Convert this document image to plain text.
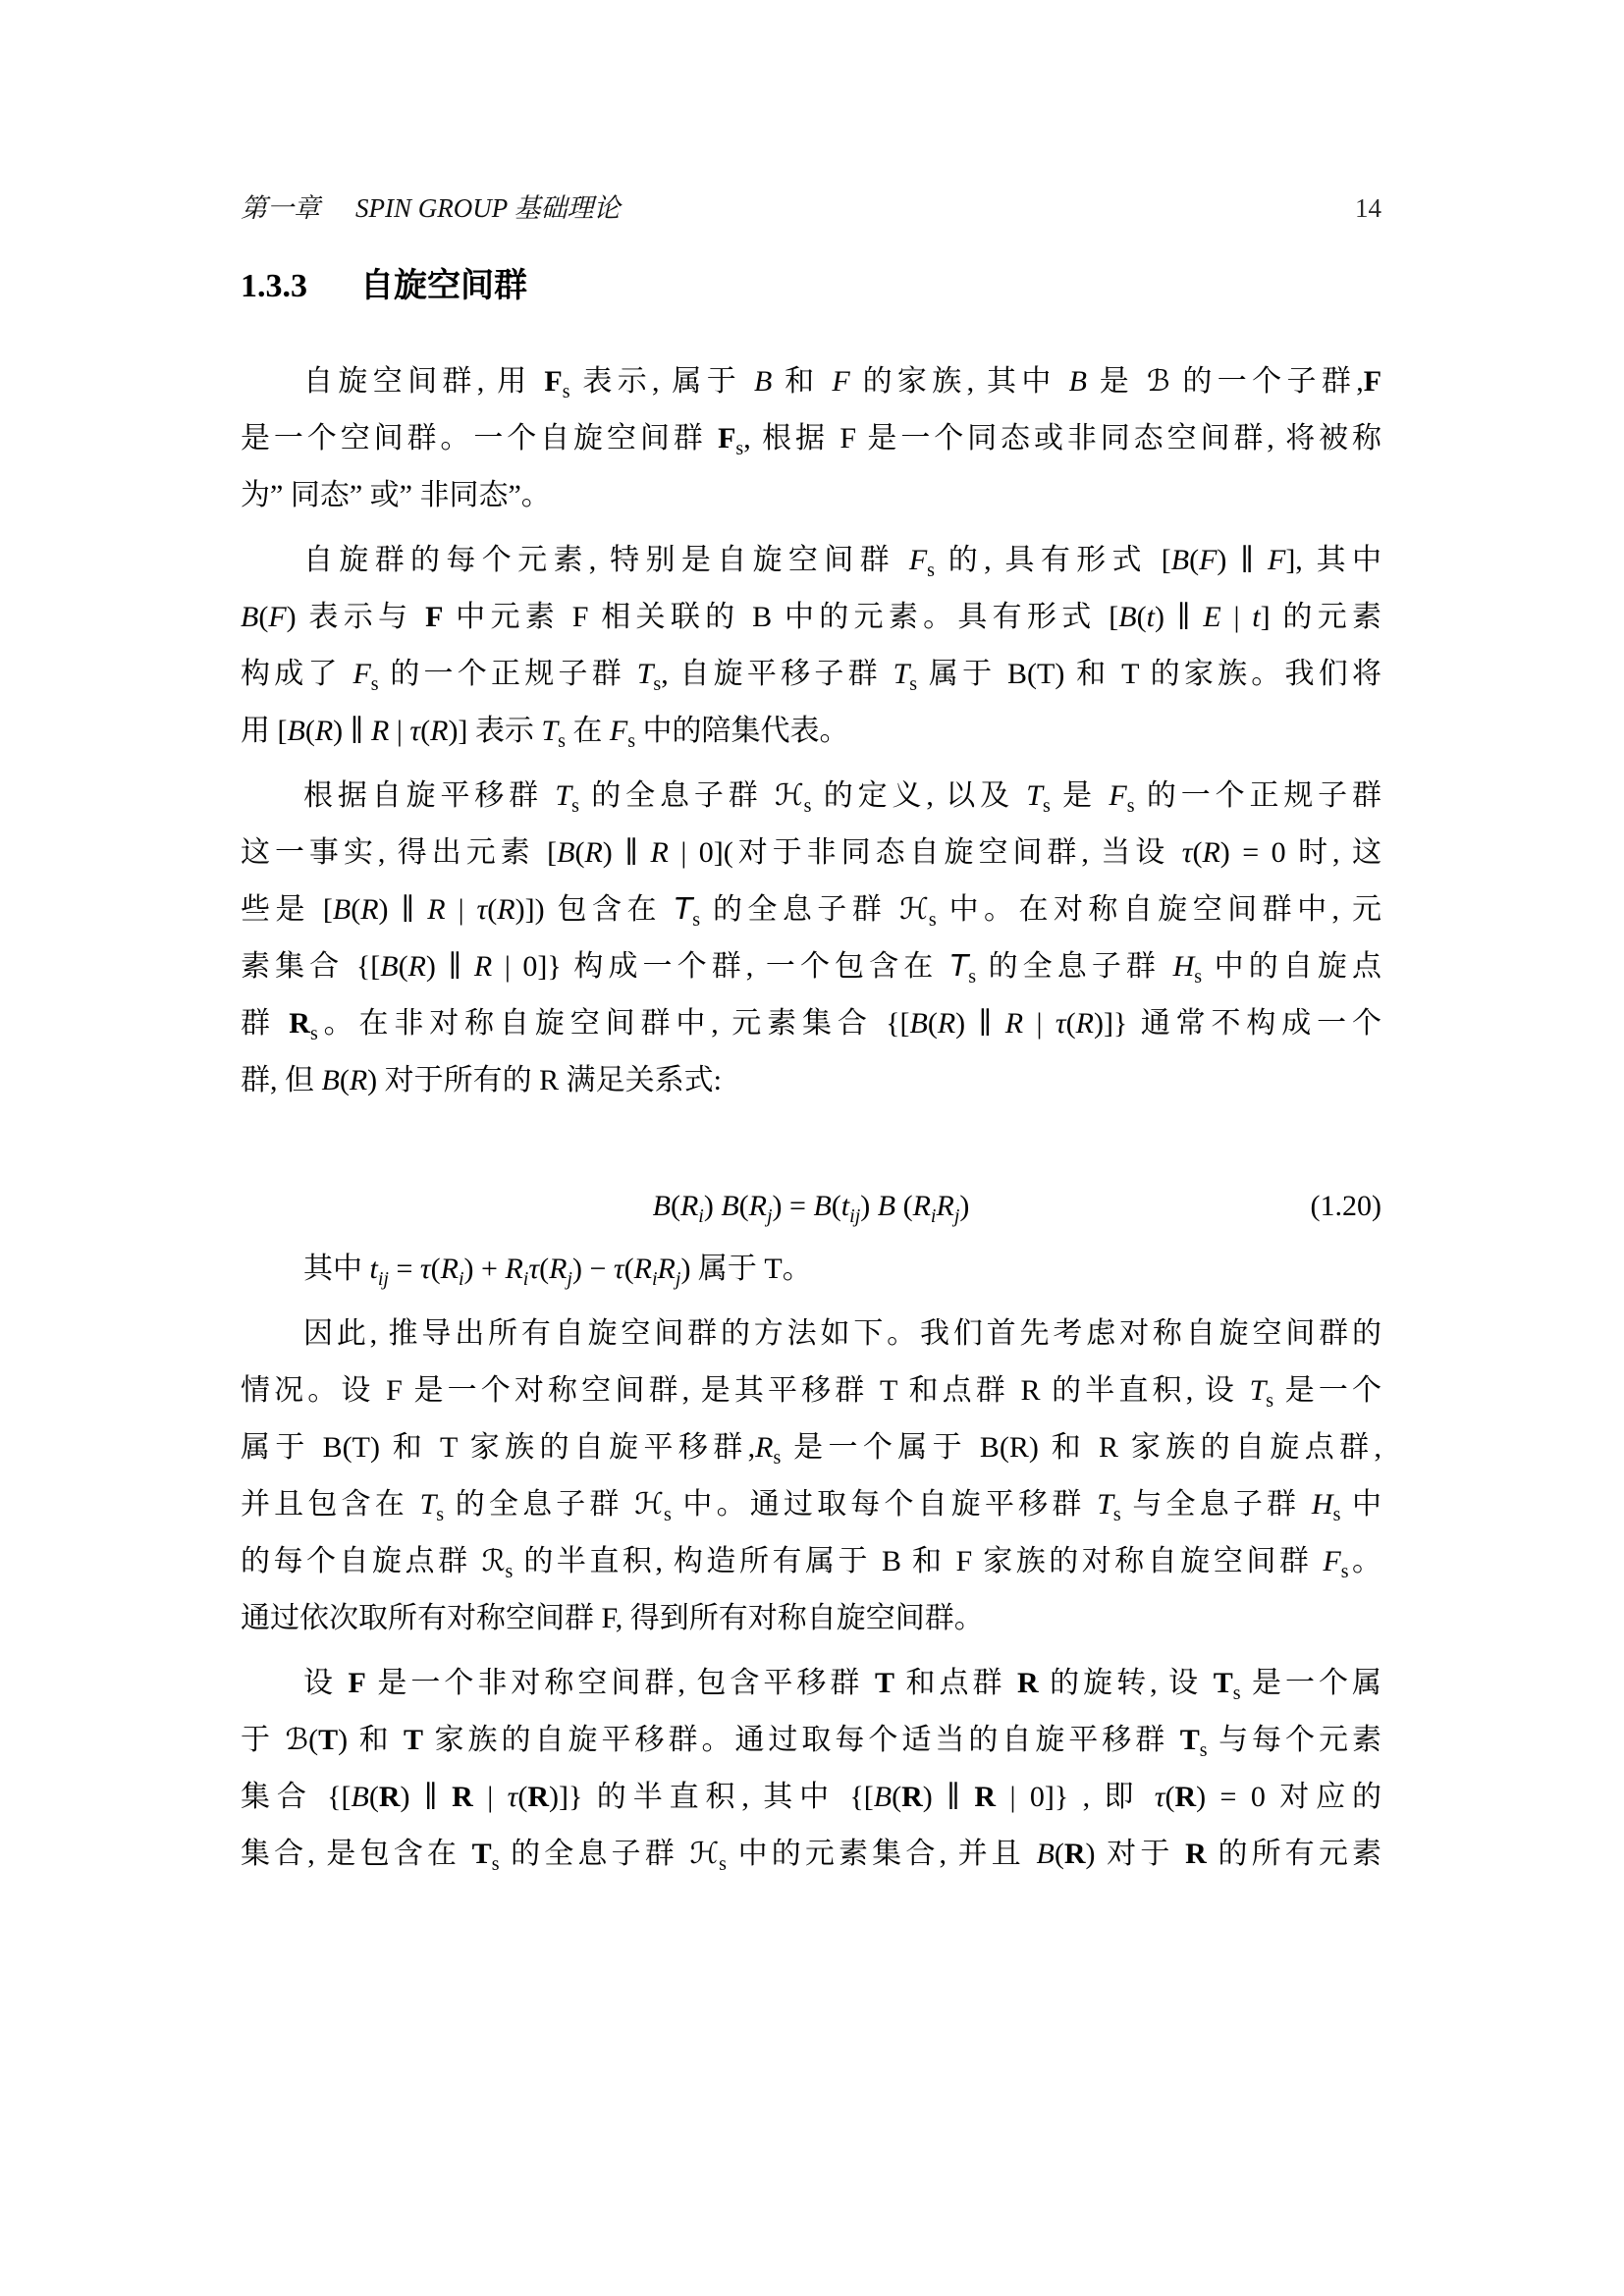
第一章 SPIN GROUP 基础理论	14
1.3.3 自旋空间群
自旋空间群, 用 $F_s$ 表示, 属于 B 和 F 的家族, 其中 B 是 ℬ 的一个子群,F
是一个空间群。一个自旋空间群 $F_s$, 根据 F 是一个同态或非同态空间群, 将被称
为” 同态” 或” 非同态”。
自旋群的每个元素, 特别是自旋空间群 $F_s$ 的, 具有形式 [B(F) ∥ F], 其中
B(F) 表示与 F 中元素 F 相关联的 B 中的元素。具有形式 [B(t) ∥ E | t] 的元素
构成了 $F_s$ 的一个正规子群 $T_s$, 自旋平移子群 $T_s$ 属于 B(T) 和 T 的家族。我们将
用 [B(R) ∥ R | τ(R)] 表示 $T_s$ 在 $F_s$ 中的陪集代表。
根据自旋平移群 $T_s$ 的全息子群 ℋ$_s$ 的定义, 以及 $T_s$ 是 $F_s$ 的一个正规子群
这一事实, 得出元素 [B(R) ∥ R | 0](对于非同态自旋空间群, 当设 τ(R) = 0 时, 这
些是 [B(R) ∥ R | τ(R)]) 包含在 $T_s$ 的全息子群 ℋ$_s$ 中。在对称自旋空间群中, 元
素集合 {[B(R) ∥ R | 0]} 构成一个群, 一个包含在 $T_s$ 的全息子群 $H_s$ 中的自旋点
群 $R_s$。在非对称自旋空间群中, 元素集合 {[B(R) ∥ R | τ(R)]} 通常不构成一个
群, 但 B(R) 对于所有的 R 满足关系式:
$B(R_i) B(R_j) = B(t_{ij})$ B $(R_iR_j)$	(1.20)
其中 $t_{ij} = \tau(R_i) + R_i\tau(R_j) - \tau(R_iR_j)$ 属于 T。
因此, 推导出所有自旋空间群的方法如下。我们首先考虑对称自旋空间群的
情况。设 F 是一个对称空间群, 是其平移群 T 和点群 R 的半直积, 设 $T_s$ 是一个
属于 B(T) 和 T 家族的自旋平移群$,R_s$ 是一个属于 B(R) 和 R 家族的自旋点群,
并且包含在 $T_s$ 的全息子群 ℋ$_s$ 中。通过取每个自旋平移群 $T_s$ 与全息子群 $H_s$ 中
的每个自旋点群 ℛ$_s$ 的半直积, 构造所有属于 B 和 F 家族的对称自旋空间群 $F_s$。
通过依次取所有对称空间群 F, 得到所有对称自旋空间群。
设 F 是一个非对称空间群, 包含平移群 T 和点群 R 的旋转, 设 $T_s$ 是一个属
于 ℬ(T) 和 T 家族的自旋平移群。通过取每个适当的自旋平移群 $T_s$ 与每个元素
集合 {[B(R) ∥ R | τ(R)]} 的半直积, 其中 {[B(R) ∥ R | 0]} , 即 τ(R) = 0 对应的
集合, 是包含在 $T_s$ 的全息子群 ℋ$_s$ 中的元素集合, 并且 B(R) 对于 R 的所有元素
